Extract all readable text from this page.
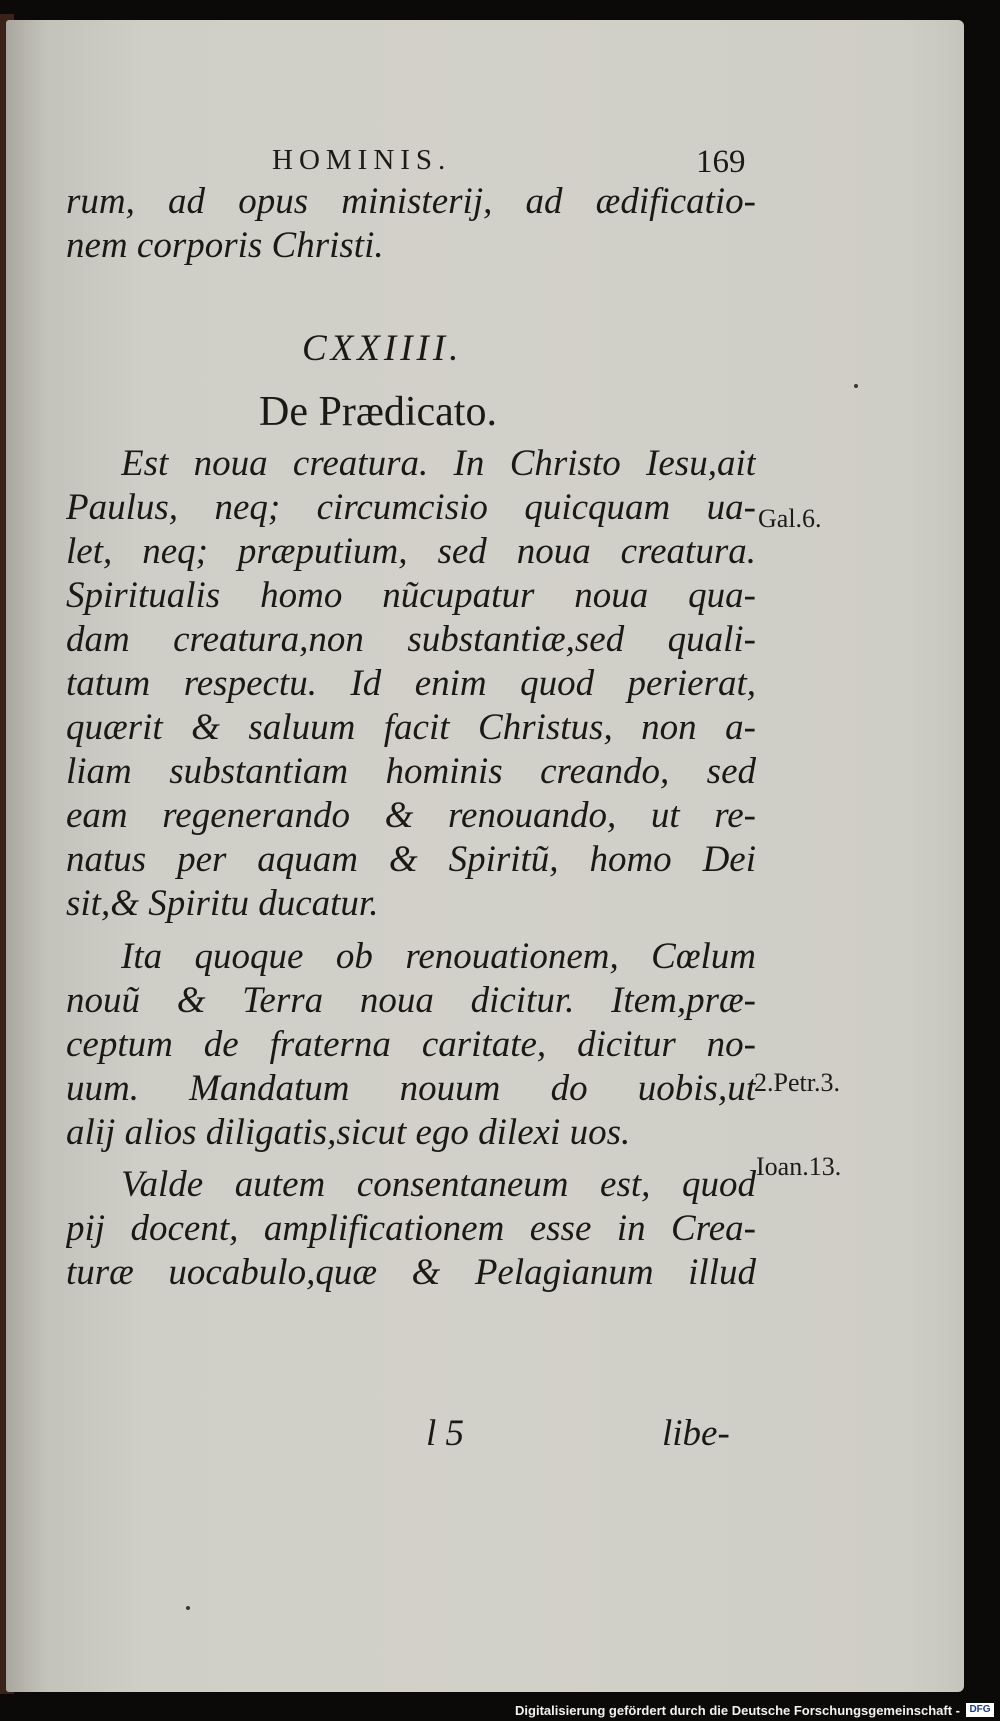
HOMINIS.	169
rum, ad opus ministerij, ad ædificatio-
nem corporis Christi.
CXXIIII.
De Prædicato.
Est noua creatura. In Christo Iesu,ait
Paulus, neq; circumcisio quicquam ua-
let, neq; præputium, sed noua creatura.
Spiritualis homo nũcupatur noua qua-
dam creatura,non substantiæ,sed quali-
tatum respectu. Id enim quod perierat,
quærit & saluum facit Christus, non a-
liam substantiam hominis creando, sed
eam regenerando & renouando, ut re-
natus per aquam & Spiritũ, homo Dei
sit,& Spiritu ducatur.
Ita quoque ob renouationem, Cœlum
nouũ & Terra noua dicitur. Item,præ-
ceptum de fraterna caritate, dicitur no-
uum. Mandatum nouum do uobis,ut
alij alios diligatis,sicut ego dilexi uos.
Valde autem consentaneum est, quod
pij docent, amplificationem esse in Crea-
turæ uocabulo,quæ & Pelagianum illud
l 5	libe-
Gal.6.
2.Petr.3.
Ioan.13.
Digitalisierung gefördert durch die Deutsche Forschungsgemeinschaft - DFG
